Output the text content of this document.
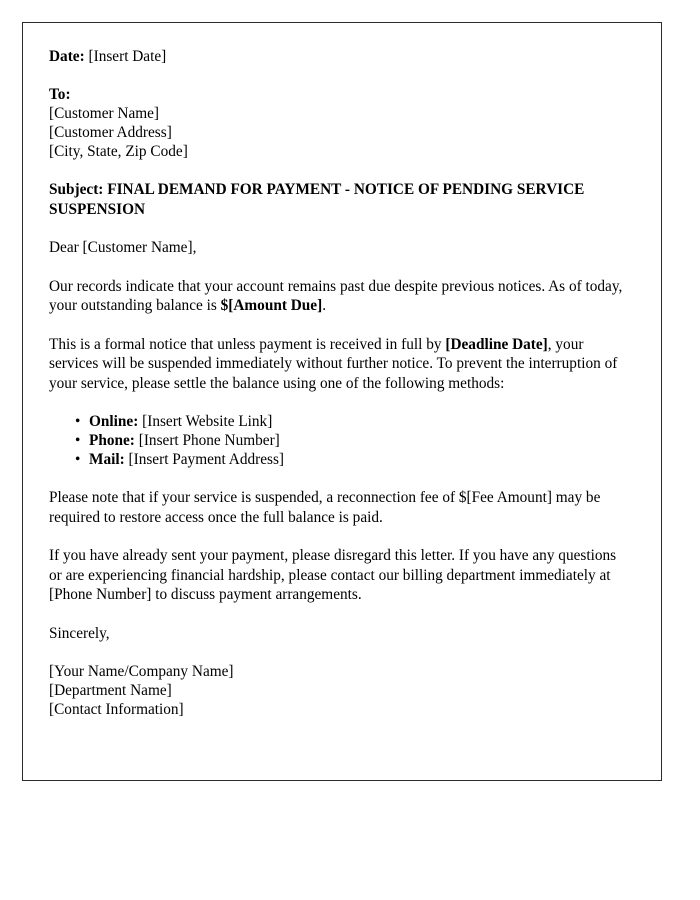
Date: [Insert Date]

To:

[Customer Name]

[Customer Address]

[City, State, Zip Code]

Subject: FINAL DEMAND FOR PAYMENT - NOTICE OF PENDING SERVICE SUSPENSION

Dear [Customer Name],

Our records indicate that your account remains past due despite previous notices. As of today, your outstanding balance is $[Amount Due].

This is a formal notice that unless payment is received in full by [Deadline Date], your services will be suspended immediately without further notice. To prevent the interruption of your service, please settle the balance using one of the following methods:

• Online: [Insert Website Link]
• Phone: [Insert Phone Number]
• Mail: [Insert Payment Address]

Please note that if your service is suspended, a reconnection fee of $[Fee Amount] may be required to restore access once the full balance is paid.

If you have already sent your payment, please disregard this letter. If you have any questions or are experiencing financial hardship, please contact our billing department immediately at [Phone Number] to discuss payment arrangements.

Sincerely,

[Your Name/Company Name]

[Department Name]

[Contact Information]
